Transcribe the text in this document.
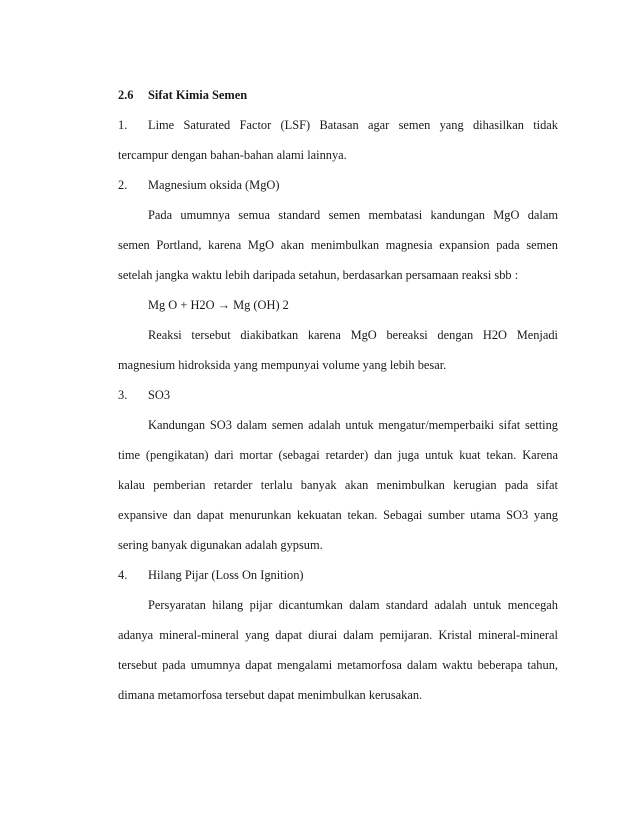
2.6 Sifat Kimia Semen
1. Lime Saturated Factor (LSF) Batasan agar semen yang dihasilkan tidak
tercampur dengan bahan-bahan alami lainnya.
2. Magnesium oksida (MgO)
Pada umumnya semua standard semen membatasi kandungan MgO dalam
semen Portland, karena MgO akan menimbulkan magnesia expansion pada semen
setelah jangka waktu lebih daripada setahun, berdasarkan persamaan reaksi sbb :
Mg O + H2O → Mg (OH) 2
Reaksi tersebut diakibatkan karena MgO bereaksi dengan H2O Menjadi
magnesium hidroksida yang mempunyai volume yang lebih besar.
3. SO3
Kandungan SO3 dalam semen adalah untuk mengatur/memperbaiki sifat setting
time (pengikatan) dari mortar (sebagai retarder) dan juga untuk kuat tekan. Karena
kalau pemberian retarder terlalu banyak akan menimbulkan kerugian pada sifat
expansive dan dapat menurunkan kekuatan tekan. Sebagai sumber utama SO3 yang
sering banyak digunakan adalah gypsum.
4. Hilang Pijar (Loss On Ignition)
Persyaratan hilang pijar dicantumkan dalam standard adalah untuk mencegah
adanya mineral-mineral yang dapat diurai dalam pemijaran. Kristal mineral-mineral
tersebut pada umumnya dapat mengalami metamorfosa dalam waktu beberapa tahun,
dimana metamorfosa tersebut dapat menimbulkan kerusakan.
